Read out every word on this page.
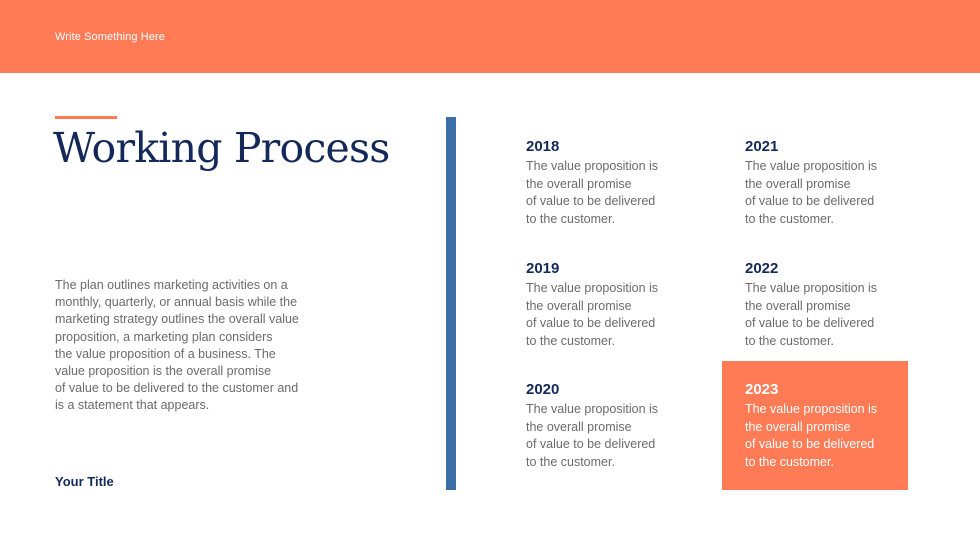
Write Something Here
Working Process
The plan outlines marketing activities on a
monthly, quarterly, or annual basis while the
marketing strategy outlines the overall value
proposition, a marketing plan considers
the value proposition of a business. The
value proposition is the overall promise
of value to be delivered to the customer and
is a statement that appears.
Your Title
2018
The value proposition is
the overall promise
of value to be delivered
to the customer.
2019
The value proposition is
the overall promise
of value to be delivered
to the customer.
2020
The value proposition is
the overall promise
of value to be delivered
to the customer.
2021
The value proposition is
the overall promise
of value to be delivered
to the customer.
2022
The value proposition is
the overall promise
of value to be delivered
to the customer.
2023
The value proposition is
the overall promise
of value to be delivered
to the customer.
